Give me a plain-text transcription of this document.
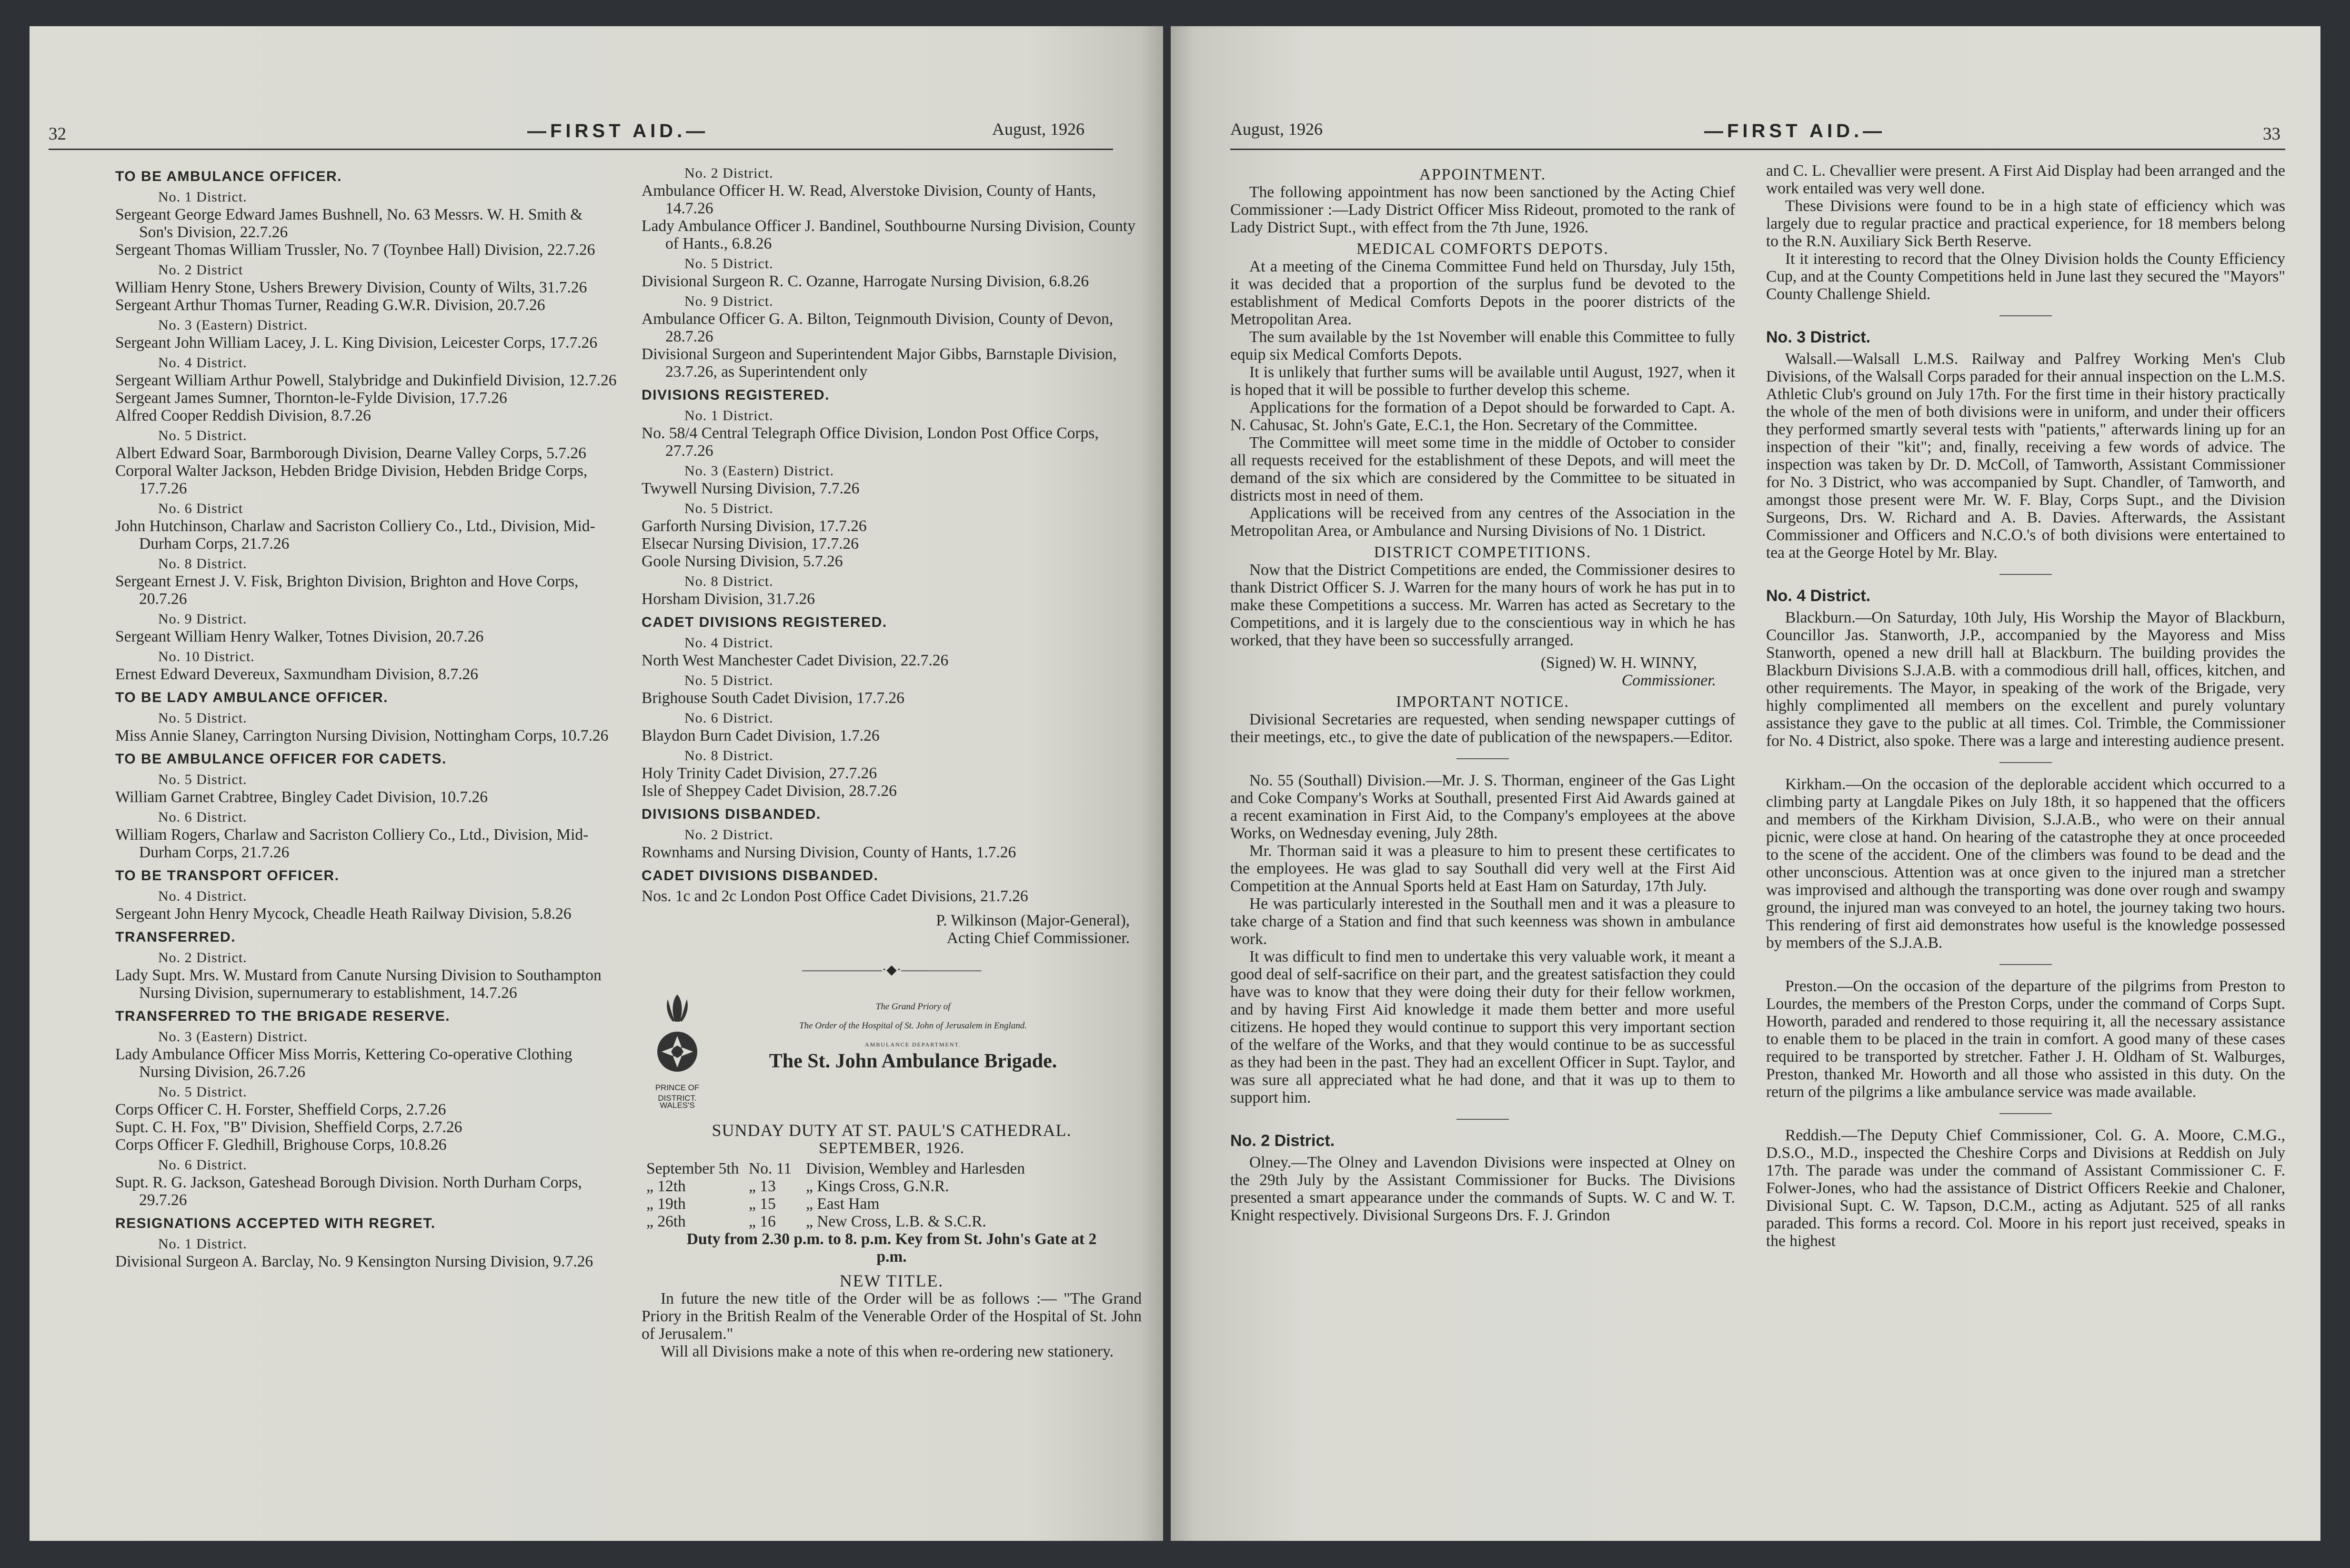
32	—FIRST AID.—	August, 1926

TO BE AMBULANCE OFFICER.

No. 1 District.

Sergeant George Edward James Bushnell, No. 63 Messrs. W. H. Smith & Son's Division, 22.7.26

Sergeant Thomas William Trussler, No. 7 (Toynbee Hall) Division, 22.7.26

No. 2 District

William Henry Stone, Ushers Brewery Division, County of Wilts, 31.7.26

Sergeant Arthur Thomas Turner, Reading G.W.R. Division, 20.7.26

No. 3 (Eastern) District.

Sergeant John William Lacey, J. L. King Division, Leicester Corps, 17.7.26

No. 4 District.

Sergeant William Arthur Powell, Stalybridge and Dukinfield Division, 12.7.26

Sergeant James Sumner, Thornton-le-Fylde Division, 17.7.26

Alfred Cooper Reddish Division, 8.7.26

No. 5 District.

Albert Edward Soar, Barmborough Division, Dearne Valley Corps, 5.7.26

Corporal Walter Jackson, Hebden Bridge Division, Hebden Bridge Corps, 17.7.26

No. 6 District

John Hutchinson, Charlaw and Sacriston Colliery Co., Ltd., Division, Mid-Durham Corps, 21.7.26

No. 8 District.

Sergeant Ernest J. V. Fisk, Brighton Division, Brighton and Hove Corps, 20.7.26

No. 9 District.

Sergeant William Henry Walker, Totnes Division, 20.7.26

No. 10 District.

Ernest Edward Devereux, Saxmundham Division, 8.7.26

TO BE LADY AMBULANCE OFFICER.

No. 5 District.

Miss Annie Slaney, Carrington Nursing Division, Nottingham Corps, 10.7.26

TO BE AMBULANCE OFFICER FOR CADETS.

No. 5 District.

William Garnet Crabtree, Bingley Cadet Division, 10.7.26

No. 6 District.

William Rogers, Charlaw and Sacriston Colliery Co., Ltd., Division, Mid-Durham Corps, 21.7.26

TO BE TRANSPORT OFFICER.

No. 4 District.

Sergeant John Henry Mycock, Cheadle Heath Railway Division, 5.8.26

TRANSFERRED.

No. 2 District.

Lady Supt. Mrs. W. Mustard from Canute Nursing Division to Southampton Nursing Division, supernumerary to establishment, 14.7.26

TRANSFERRED TO THE BRIGADE RESERVE.

No. 3 (Eastern) District.

Lady Ambulance Officer Miss Morris, Kettering Co-operative Clothing Nursing Division, 26.7.26

No. 5 District.

Corps Officer C. H. Forster, Sheffield Corps, 2.7.26

Supt. C. H. Fox, "B" Division, Sheffield Corps, 2.7.26

Corps Officer F. Gledhill, Brighouse Corps, 10.8.26

No. 6 District.

Supt. R. G. Jackson, Gateshead Borough Division. North Durham Corps, 29.7.26

RESIGNATIONS ACCEPTED WITH REGRET.

No. 1 District.

Divisional Surgeon A. Barclay, No. 9 Kensington Nursing Division, 9.7.26

No. 2 District.

Ambulance Officer H. W. Read, Alverstoke Division, County of Hants, 14.7.26

Lady Ambulance Officer J. Bandinel, Southbourne Nursing Division, County of Hants., 6.8.26

No. 5 District.

Divisional Surgeon R. C. Ozanne, Harrogate Nursing Division, 6.8.26

No. 9 District.

Ambulance Officer G. A. Bilton, Teignmouth Division, County of Devon, 28.7.26

Divisional Surgeon and Superintendent Major Gibbs, Barnstaple Division, 23.7.26, as Superintendent only

DIVISIONS REGISTERED.

No. 1 District.

No. 58/4 Central Telegraph Office Division, London Post Office Corps, 27.7.26

No. 3 (Eastern) District.

Twywell Nursing Division, 7.7.26

No. 5 District.

Garforth Nursing Division, 17.7.26

Elsecar Nursing Division, 17.7.26

Goole Nursing Division, 5.7.26

No. 8 District.

Horsham Division, 31.7.26

CADET DIVISIONS REGISTERED.

No. 4 District.

North West Manchester Cadet Division, 22.7.26

No. 5 District.

Brighouse South Cadet Division, 17.7.26

No. 6 District.

Blaydon Burn Cadet Division, 1.7.26

No. 8 District.

Holy Trinity Cadet Division, 27.7.26

Isle of Sheppey Cadet Division, 28.7.26

DIVISIONS DISBANDED.

No. 2 District.

Rownhams and Nursing Division, County of Hants, 1.7.26

CADET DIVISIONS DISBANDED.

Nos. 1c and 2c London Post Office Cadet Divisions, 21.7.26

P. Wilkinson (Major-General),

Acting Chief Commissioner.

——————·◆·——————

PRINCE OF WALES'S
DISTRICT.
The Grand Priory of
The Order of the Hospital of St. John of Jerusalem in England.
AMBULANCE DEPARTMENT.
The St. John Ambulance Brigade.

SUNDAY DUTY AT ST. PAUL'S CATHEDRAL.

SEPTEMBER, 1926.

September 5th No. 11 Division, Wembley and Harlesden
„ 12th	„ 13	„ Kings Cross, G.N.R.
„ 19th	„ 15	„ East Ham
„ 26th	„ 16	„ New Cross, L.B. & S.C.R.

Duty from 2.30 p.m. to 8. p.m. Key from St. John's Gate at 2 p.m.

NEW TITLE.

In future the new title of the Order will be as follows :— "The Grand Priory in the British Realm of the Venerable Order of the Hospital of St. John of Jerusalem."

Will all Divisions make a note of this when re-ordering new stationery.

August, 1926	—FIRST AID.—	33

APPOINTMENT.

The following appointment has now been sanctioned by the Acting Chief Commissioner :—Lady District Officer Miss Rideout, promoted to the rank of Lady District Supt., with effect from the 7th June, 1926.

MEDICAL COMFORTS DEPOTS.

At a meeting of the Cinema Committee Fund held on Thursday, July 15th, it was decided that a proportion of the surplus fund be devoted to the establishment of Medical Comforts Depots in the poorer districts of the Metropolitan Area.

The sum available by the 1st November will enable this Committee to fully equip six Medical Comforts Depots.

It is unlikely that further sums will be available until August, 1927, when it is hoped that it will be possible to further develop this scheme.

Applications for the formation of a Depot should be forwarded to Capt. A. N. Cahusac, St. John's Gate, E.C.1, the Hon. Secretary of the Committee.

The Committee will meet some time in the middle of October to consider all requests received for the establishment of these Depots, and will meet the demand of the six which are considered by the Committee to be situated in districts most in need of them.

Applications will be received from any centres of the Association in the Metropolitan Area, or Ambulance and Nursing Divisions of No. 1 District.

DISTRICT COMPETITIONS.

Now that the District Competitions are ended, the Commissioner desires to thank District Officer S. J. Warren for the many hours of work he has put in to make these Competitions a success. Mr. Warren has acted as Secretary to the Competitions, and it is largely due to the conscientious way in which he has worked, that they have been so successfully arranged.

(Signed) W. H. WINNY,

Commissioner.

IMPORTANT NOTICE.

Divisional Secretaries are requested, when sending newspaper cuttings of their meetings, etc., to give the date of publication of the newspapers.—Editor.

No. 55 (Southall) Division.—Mr. J. S. Thorman, engineer of the Gas Light and Coke Company's Works at Southall, presented First Aid Awards gained at a recent examination in First Aid, to the Company's employees at the above Works, on Wednesday evening, July 28th.

Mr. Thorman said it was a pleasure to him to present these certificates to the employees. He was glad to say Southall did very well at the First Aid Competition at the Annual Sports held at East Ham on Saturday, 17th July.

He was particularly interested in the Southall men and it was a pleasure to take charge of a Station and find that such keenness was shown in ambulance work.

It was difficult to find men to undertake this very valuable work, it meant a good deal of self-sacrifice on their part, and the greatest satisfaction they could have was to know that they were doing their duty for their fellow workmen, and by having First Aid knowledge it made them better and more useful citizens. He hoped they would continue to support this very important section of the welfare of the Works, and that they would continue to be as successful as they had been in the past. They had an excellent Officer in Supt. Taylor, and was sure all appreciated what he had done, and that it was up to them to support him.

No. 2 District.

Olney.—The Olney and Lavendon Divisions were inspected at Olney on the 29th July by the Assistant Commissioner for Bucks. The Divisions presented a smart appearance under the commands of Supts. W. C and W. T. Knight respectively. Divisional Surgeons Drs. F. J. Grindon

and C. L. Chevallier were present. A First Aid Display had been arranged and the work entailed was very well done.

These Divisions were found to be in a high state of efficiency which was largely due to regular practice and practical experience, for 18 members belong to the R.N. Auxiliary Sick Berth Reserve.

It it interesting to record that the Olney Division holds the County Efficiency Cup, and at the County Competitions held in June last they secured the "Mayors" County Challenge Shield.

No. 3 District.

Walsall.—Walsall L.M.S. Railway and Palfrey Working Men's Club Divisions, of the Walsall Corps paraded for their annual inspection on the L.M.S. Athletic Club's ground on July 17th. For the first time in their history practically the whole of the men of both divisions were in uniform, and under their officers they performed smartly several tests with "patients," afterwards lining up for an inspection of their "kit"; and, finally, receiving a few words of advice. The inspection was taken by Dr. D. McColl, of Tamworth, Assistant Commissioner for No. 3 District, who was accompanied by Supt. Chandler, of Tamworth, and amongst those present were Mr. W. F. Blay, Corps Supt., and the Division Surgeons, Drs. W. Richard and A. B. Davies. Afterwards, the Assistant Commissioner and Officers and N.C.O.'s of both divisions were entertained to tea at the George Hotel by Mr. Blay.

No. 4 District.

Blackburn.—On Saturday, 10th July, His Worship the Mayor of Blackburn, Councillor Jas. Stanworth, J.P., accompanied by the Mayoress and Miss Stanworth, opened a new drill hall at Blackburn. The building provides the Blackburn Divisions S.J.A.B. with a commodious drill hall, offices, kitchen, and other requirements. The Mayor, in speaking of the work of the Brigade, very highly complimented all members on the excellent and purely voluntary assistance they gave to the public at all times. Col. Trimble, the Commissioner for No. 4 District, also spoke. There was a large and interesting audience present.

Kirkham.—On the occasion of the deplorable accident which occurred to a climbing party at Langdale Pikes on July 18th, it so happened that the officers and members of the Kirkham Division, S.J.A.B., who were on their annual picnic, were close at hand. On hearing of the catastrophe they at once proceeded to the scene of the accident. One of the climbers was found to be dead and the other unconscious. Attention was at once given to the injured man a stretcher was improvised and although the transporting was done over rough and swampy ground, the injured man was conveyed to an hotel, the journey taking two hours. This rendering of first aid demonstrates how useful is the knowledge possessed by members of the S.J.A.B.

Preston.—On the occasion of the departure of the pilgrims from Preston to Lourdes, the members of the Preston Corps, under the command of Corps Supt. Howorth, paraded and rendered to those requiring it, all the necessary assistance to enable them to be placed in the train in comfort. A good many of these cases required to be transported by stretcher. Father J. H. Oldham of St. Walburges, Preston, thanked Mr. Howorth and all those who assisted in this duty. On the return of the pilgrims a like ambulance service was made available.

Reddish.—The Deputy Chief Commissioner, Col. G. A. Moore, C.M.G., D.S.O., M.D., inspected the Cheshire Corps and Divisions at Reddish on July 17th. The parade was under the command of Assistant Commissioner C. F. Folwer-Jones, who had the assistance of District Officers Reekie and Chaloner, Divisional Supt. C. W. Tapson, D.C.M., acting as Adjutant. 525 of all ranks paraded. This forms a record. Col. Moore in his report just received, speaks in the highest
